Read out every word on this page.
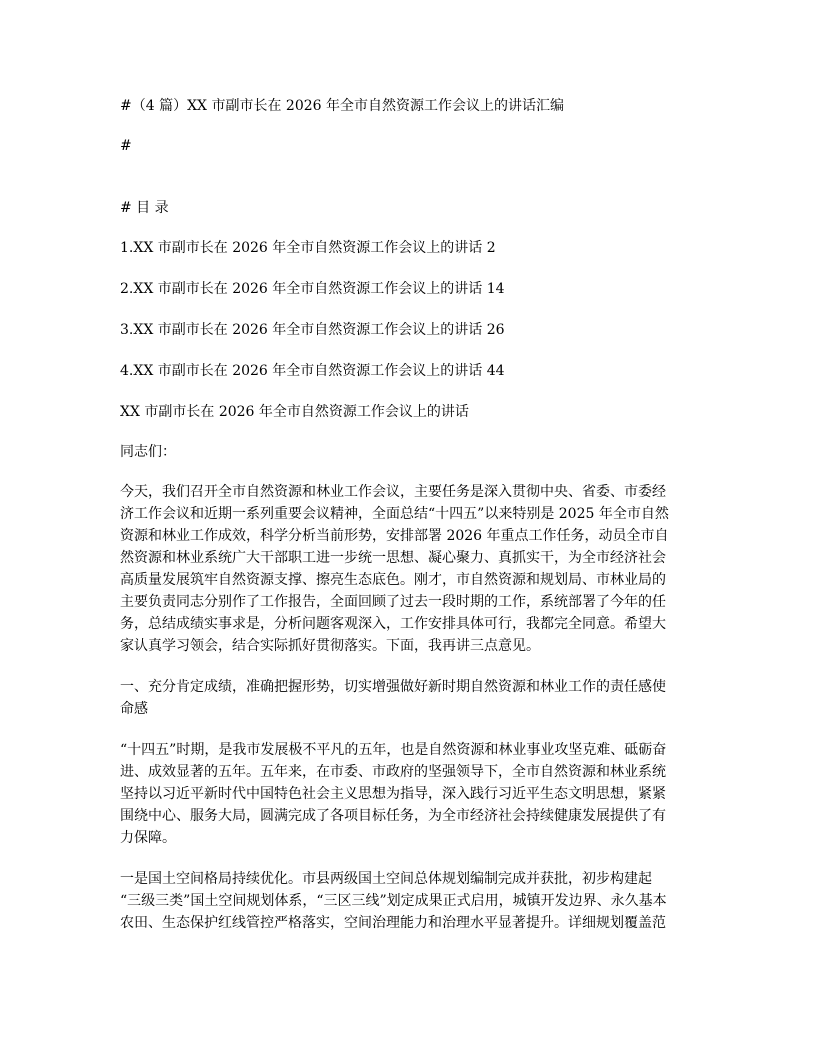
#（4 篇）XX 市副市长在 2026 年全市自然资源工作会议上的讲话汇编

#

# 目 录

1.XX 市副市长在 2026 年全市自然资源工作会议上的讲话 2

2.XX 市副市长在 2026 年全市自然资源工作会议上的讲话 14

3.XX 市副市长在 2026 年全市自然资源工作会议上的讲话 26

4.XX 市副市长在 2026 年全市自然资源工作会议上的讲话 44

XX 市副市长在 2026 年全市自然资源工作会议上的讲话

同志们：

今天，我们召开全市自然资源和林业工作会议，主要任务是深入贯彻中央、省委、市委经
济工作会议和近期一系列重要会议精神，全面总结“十四五”以来特别是 2025 年全市自然
资源和林业工作成效，科学分析当前形势，安排部署 2026 年重点工作任务，动员全市自
然资源和林业系统广大干部职工进一步统一思想、凝心聚力、真抓实干，为全市经济社会
高质量发展筑牢自然资源支撑、擦亮生态底色。刚才，市自然资源和规划局、市林业局的
主要负责同志分别作了工作报告，全面回顾了过去一段时期的工作，系统部署了今年的任
务，总结成绩实事求是，分析问题客观深入，工作安排具体可行，我都完全同意。希望大
家认真学习领会，结合实际抓好贯彻落实。下面，我再讲三点意见。
一、充分肯定成绩，准确把握形势，切实增强做好新时期自然资源和林业工作的责任感使
命感
“十四五”时期，是我市发展极不平凡的五年，也是自然资源和林业事业攻坚克难、砥砺奋
进、成效显著的五年。五年来，在市委、市政府的坚强领导下，全市自然资源和林业系统
坚持以习近平新时代中国特色社会主义思想为指导，深入践行习近平生态文明思想，紧紧
围绕中心、服务大局，圆满完成了各项目标任务，为全市经济社会持续健康发展提供了有
力保障。
一是国土空间格局持续优化。市县两级国土空间总体规划编制完成并获批，初步构建起
“三级三类”国土空间规划体系，“三区三线”划定成果正式启用，城镇开发边界、永久基本
农田、生态保护红线管控严格落实，空间治理能力和治理水平显著提升。详细规划覆盖范
